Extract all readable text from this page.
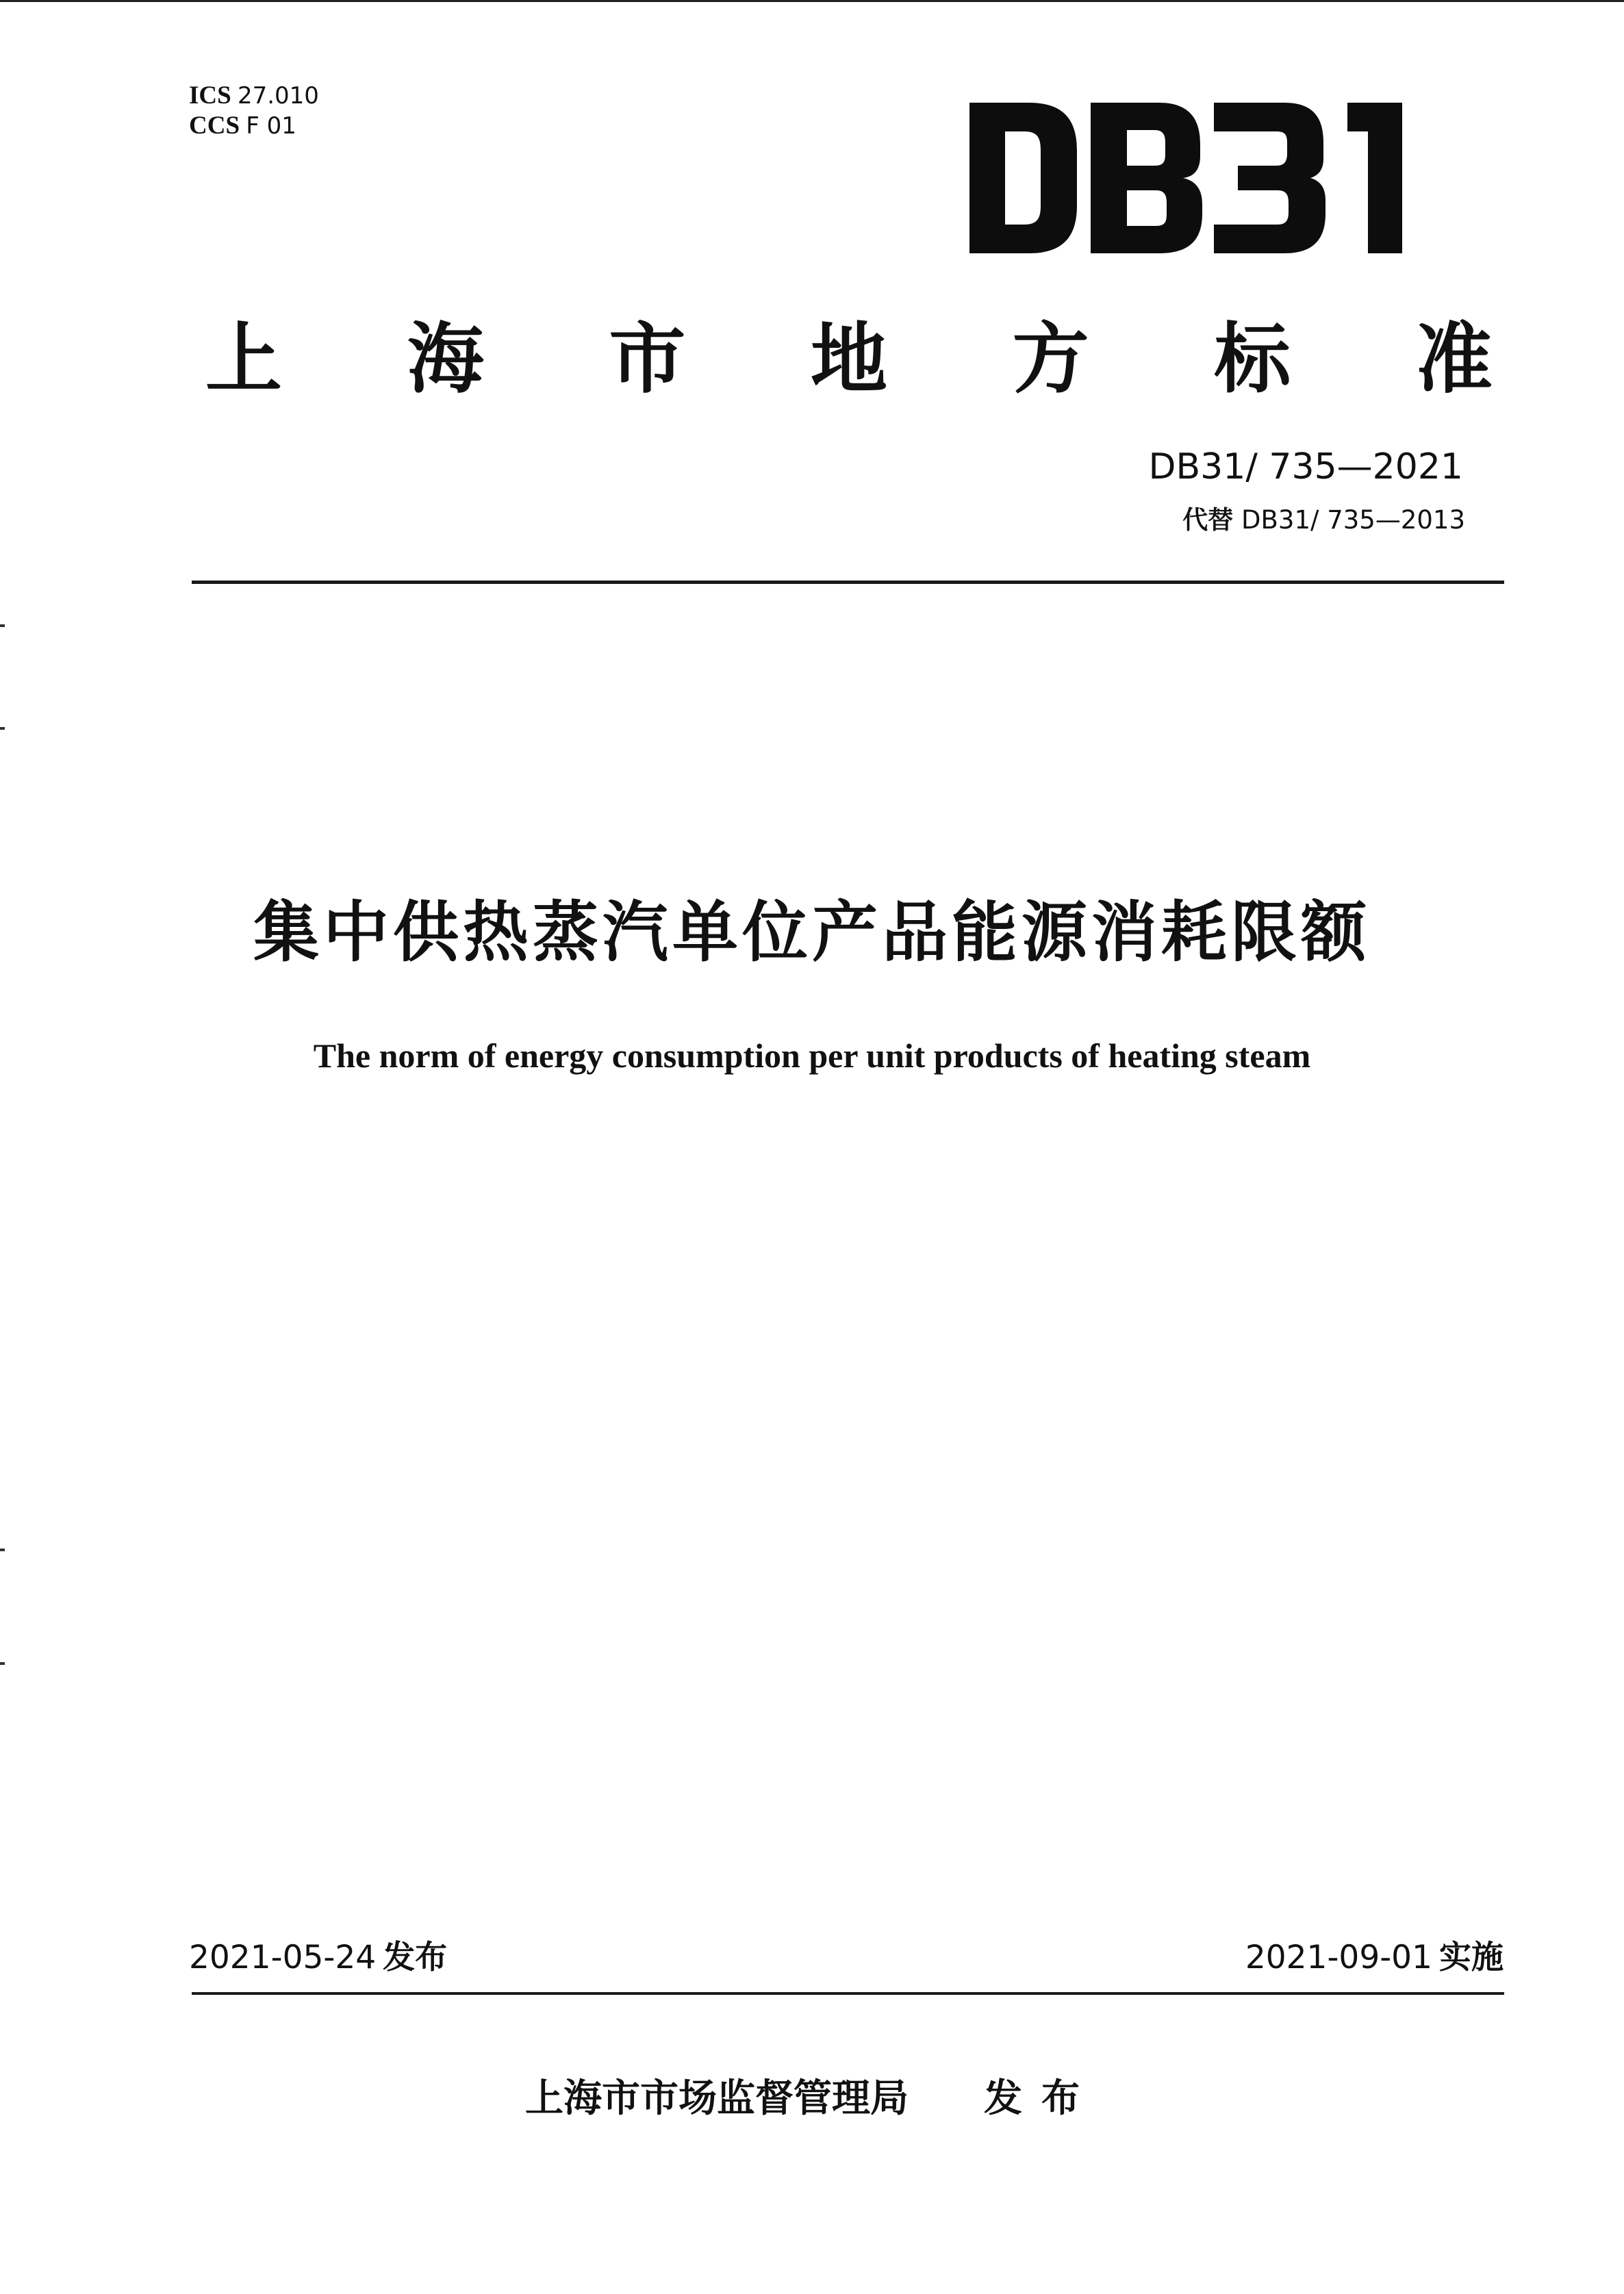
ICS 27.010
CCS F 01
上 海 市 地 方 标 准
DB31/ 735—2021
代替 DB31/ 735—2013
集中供热蒸汽单位产品能源消耗限额
The norm of energy consumption per unit products of heating steam
2021-05-24 发布	2021-09-01 实施
上海市市场监督管理局 发布
